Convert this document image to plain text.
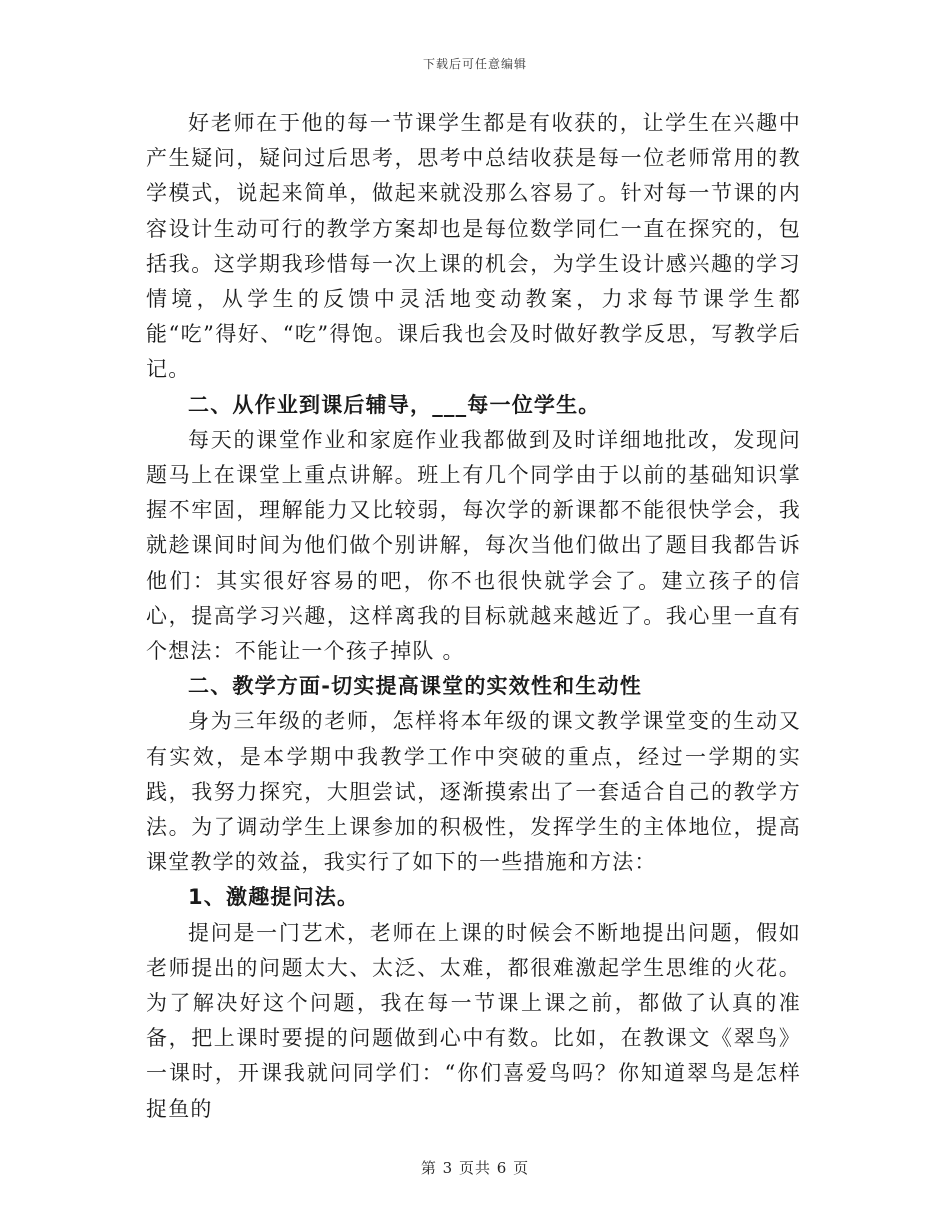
下载后可任意编辑

好老师在于他的每一节课学生都是有收获的，让学生在兴趣中产生疑问，疑问过后思考，思考中总结收获是每一位老师常用的教学模式，说起来简单，做起来就没那么容易了。针对每一节课的内容设计生动可行的教学方案却也是每位数学同仁一直在探究的，包括我。这学期我珍惜每一次上课的机会，为学生设计感兴趣的学习情境，从学生的反馈中灵活地变动教案，力求每节课学生都能“吃”得好、“吃”得饱。课后我也会及时做好教学反思，写教学后记。

二、从作业到课后辅导，___每一位学生。

每天的课堂作业和家庭作业我都做到及时详细地批改，发现问题马上在课堂上重点讲解。班上有几个同学由于以前的基础知识掌握不牢固，理解能力又比较弱，每次学的新课都不能很快学会，我就趁课间时间为他们做个别讲解，每次当他们做出了题目我都告诉他们：其实很好容易的吧，你不也很快就学会了。建立孩子的信心，提高学习兴趣，这样离我的目标就越来越近了。我心里一直有个想法：不能让一个孩子掉队 。

二、教学方面-切实提高课堂的实效性和生动性

身为三年级的老师，怎样将本年级的课文教学课堂变的生动又有实效，是本学期中我教学工作中突破的重点，经过一学期的实践，我努力探究，大胆尝试，逐渐摸索出了一套适合自己的教学方法。为了调动学生上课参加的积极性，发挥学生的主体地位，提高课堂教学的效益，我实行了如下的一些措施和方法：

1、激趣提问法。

提问是一门艺术，老师在上课的时候会不断地提出问题，假如老师提出的问题太大、太泛、太难，都很难激起学生思维的火花。为了解决好这个问题，我在每一节课上课之前，都做了认真的准备，把上课时要提的问题做到心中有数。比如，在教课文《翠鸟》一课时，开课我就问同学们：“你们喜爱鸟吗？你知道翠鸟是怎样捉鱼的

第 3 页共 6 页
